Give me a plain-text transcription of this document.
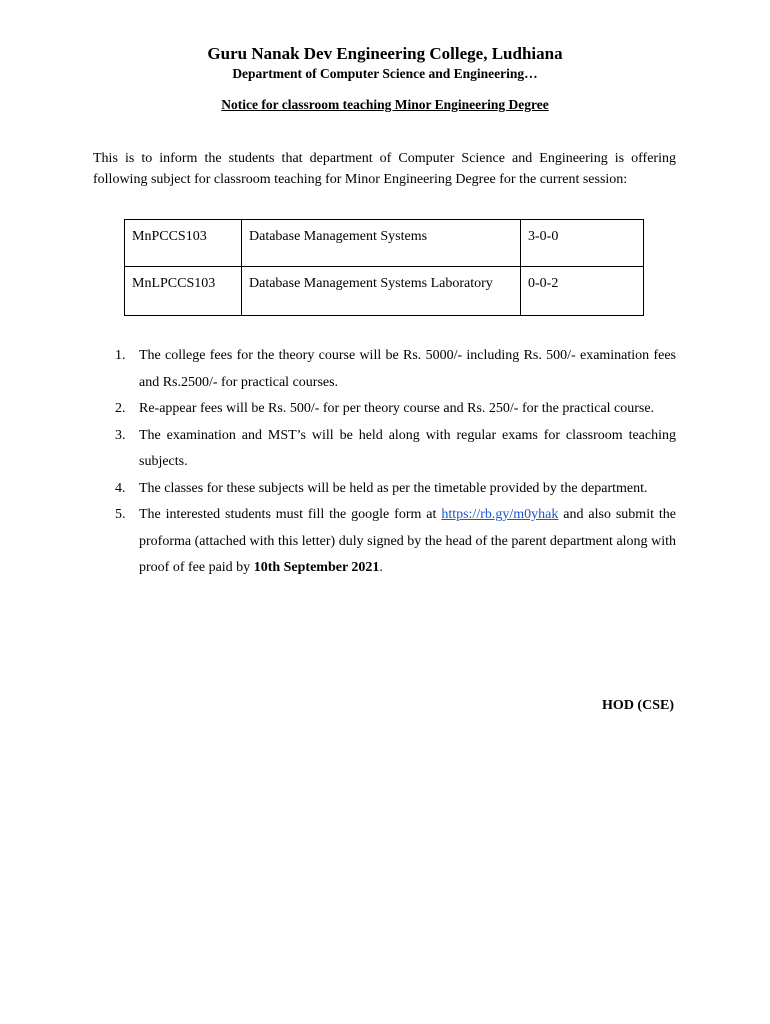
Guru Nanak Dev Engineering College, Ludhiana
Department of Computer Science and Engineering…
Notice for classroom teaching Minor Engineering Degree
This is to inform the students that department of Computer Science and Engineering is offering following subject for classroom teaching for Minor Engineering Degree for the current session:
MnPCCS103	Database Management Systems	3-0-0
MnLPCCS103	Database Management Systems Laboratory	0-0-2
1. The college fees for the theory course will be Rs. 5000/- including Rs. 500/- examination fees and Rs.2500/- for practical courses.
2. Re-appear fees will be Rs. 500/- for per theory course and Rs. 250/- for the practical course.
3. The examination and MST’s will be held along with regular exams for classroom teaching subjects.
4. The classes for these subjects will be held as per the timetable provided by the department.
5. The interested students must fill the google form at https://rb.gy/m0yhak and also submit the proforma (attached with this letter) duly signed by the head of the parent department along with proof of fee paid by 10th September 2021.
HOD (CSE)
